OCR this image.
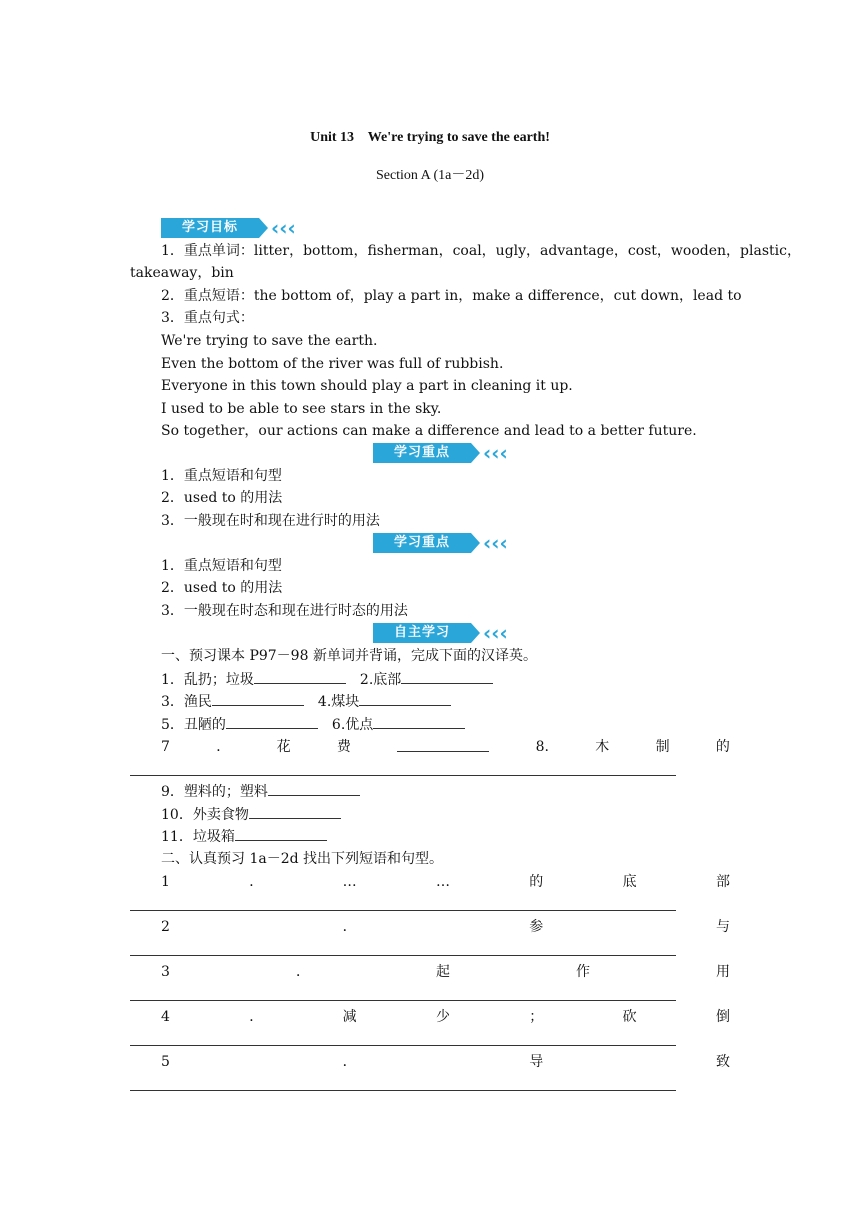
Unit 13    We're trying to save the earth!
Section A (1a－2d)
学习目标	‹‹‹
1．重点单词：litter，bottom，fisherman，coal，ugly，advantage，cost，wooden，plastic，
takeaway，bin
2．重点短语：the bottom of，play a part in，make a difference，cut down，lead to
3．重点句式：
We're trying to save the earth.
Even the bottom of the river was full of rubbish.
Everyone in this town should play a part in cleaning it up.
I used to be able to see stars in the sky.
So together，our actions can make a difference and lead to a better future.
学习重点	‹‹‹
1．重点短语和句型
2．used to 的用法
3．一般现在时和现在进行时的用法
学习重点	‹‹‹
1．重点短语和句型
2．used to 的用法
3．一般现在时态和现在进行时态的用法
自主学习	‹‹‹
一、预习课本 P97－98 新单词并背诵，完成下面的汉译英。
1．乱扔；垃圾	2.底部
3．渔民	4.煤块
5．丑陋的	6.优点
7	．	花	费	8.	木	制	的
9．塑料的；塑料
10．外卖食物
11．垃圾箱
二、认真预习 1a－2d 找出下列短语和句型。
1	．	…	…	的	底	部
2	．	参	与
3	．	起	作	用
4	．	减	少	；	砍	倒
5	．	导	致
